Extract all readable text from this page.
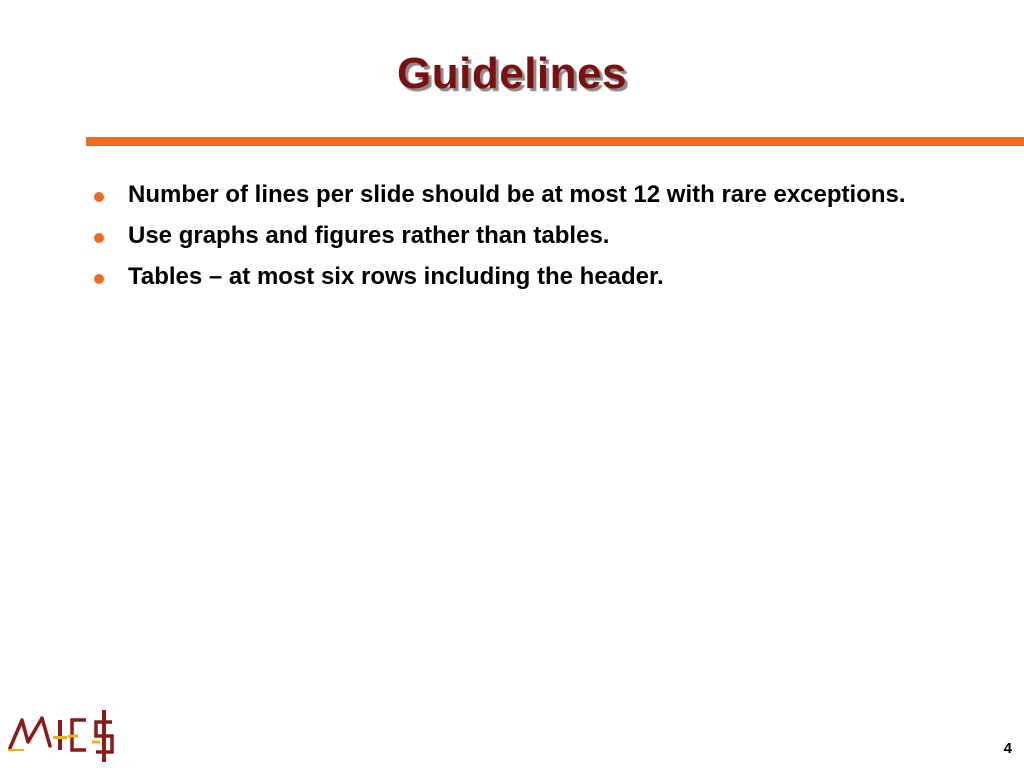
Guidelines
Number of lines per slide should be at most 12 with rare exceptions.
Use graphs and figures rather than tables.
Tables – at most six rows including the header.
4
